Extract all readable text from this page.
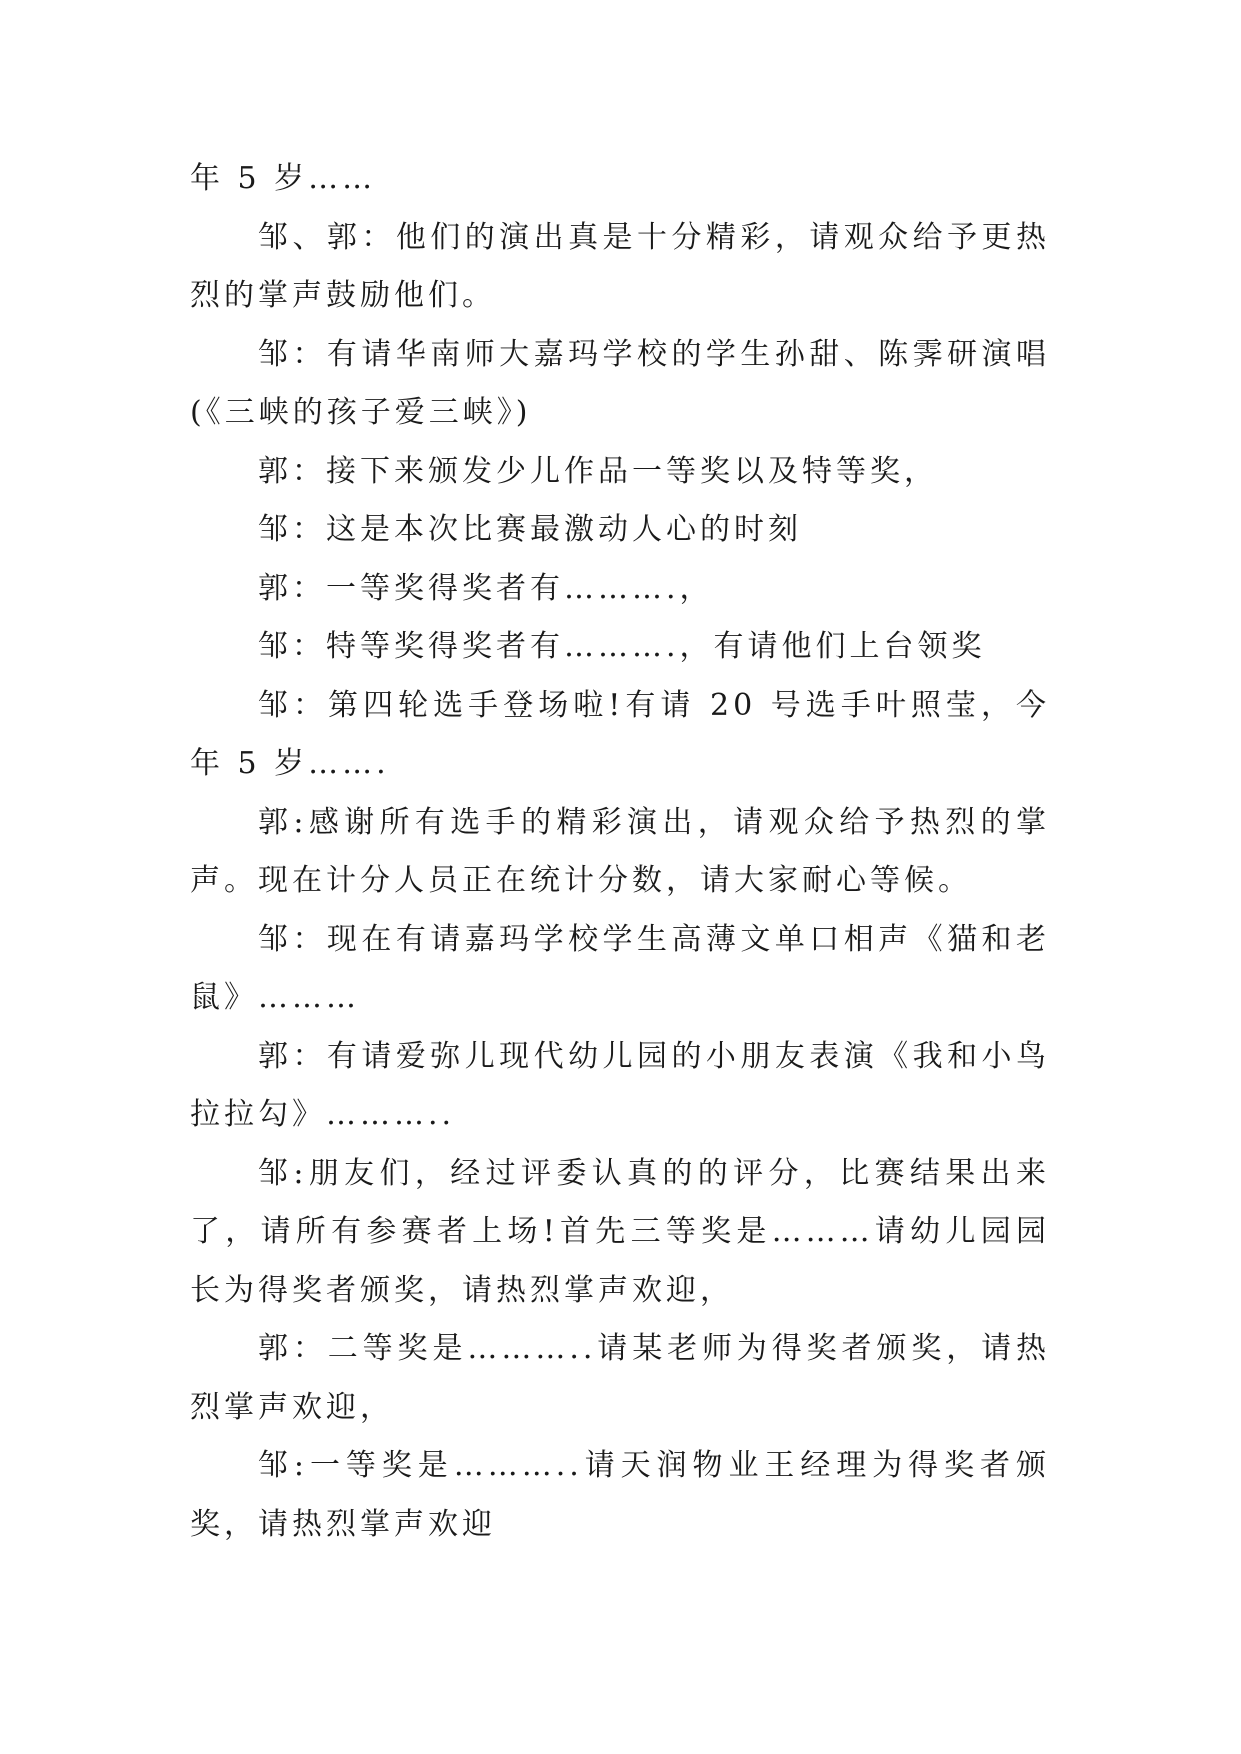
年 5 岁……

邹、郭：他们的演出真是十分精彩，请观众给予更热烈的掌声鼓励他们。

邹：有请华南师大嘉玛学校的学生孙甜、陈霁研演唱(《三峡的孩子爱三峡》)

郭：接下来颁发少儿作品一等奖以及特等奖，

邹：这是本次比赛最激动人心的时刻

郭：一等奖得奖者有……….，

邹：特等奖得奖者有……….，有请他们上台领奖

邹：第四轮选手登场啦!有请 20 号选手叶照莹，今年 5 岁…….

郭:感谢所有选手的精彩演出，请观众给予热烈的掌声。现在计分人员正在统计分数，请大家耐心等候。

邹：现在有请嘉玛学校学生高薄文单口相声《猫和老鼠》………

郭：有请爱弥儿现代幼儿园的小朋友表演《我和小鸟拉拉勾》………..

邹:朋友们，经过评委认真的的评分，比赛结果出来了，请所有参赛者上场!首先三等奖是………请幼儿园园长为得奖者颁奖，请热烈掌声欢迎，

郭：二等奖是………..请某老师为得奖者颁奖，请热烈掌声欢迎，

邹:一等奖是………..请天润物业王经理为得奖者颁奖，请热烈掌声欢迎
